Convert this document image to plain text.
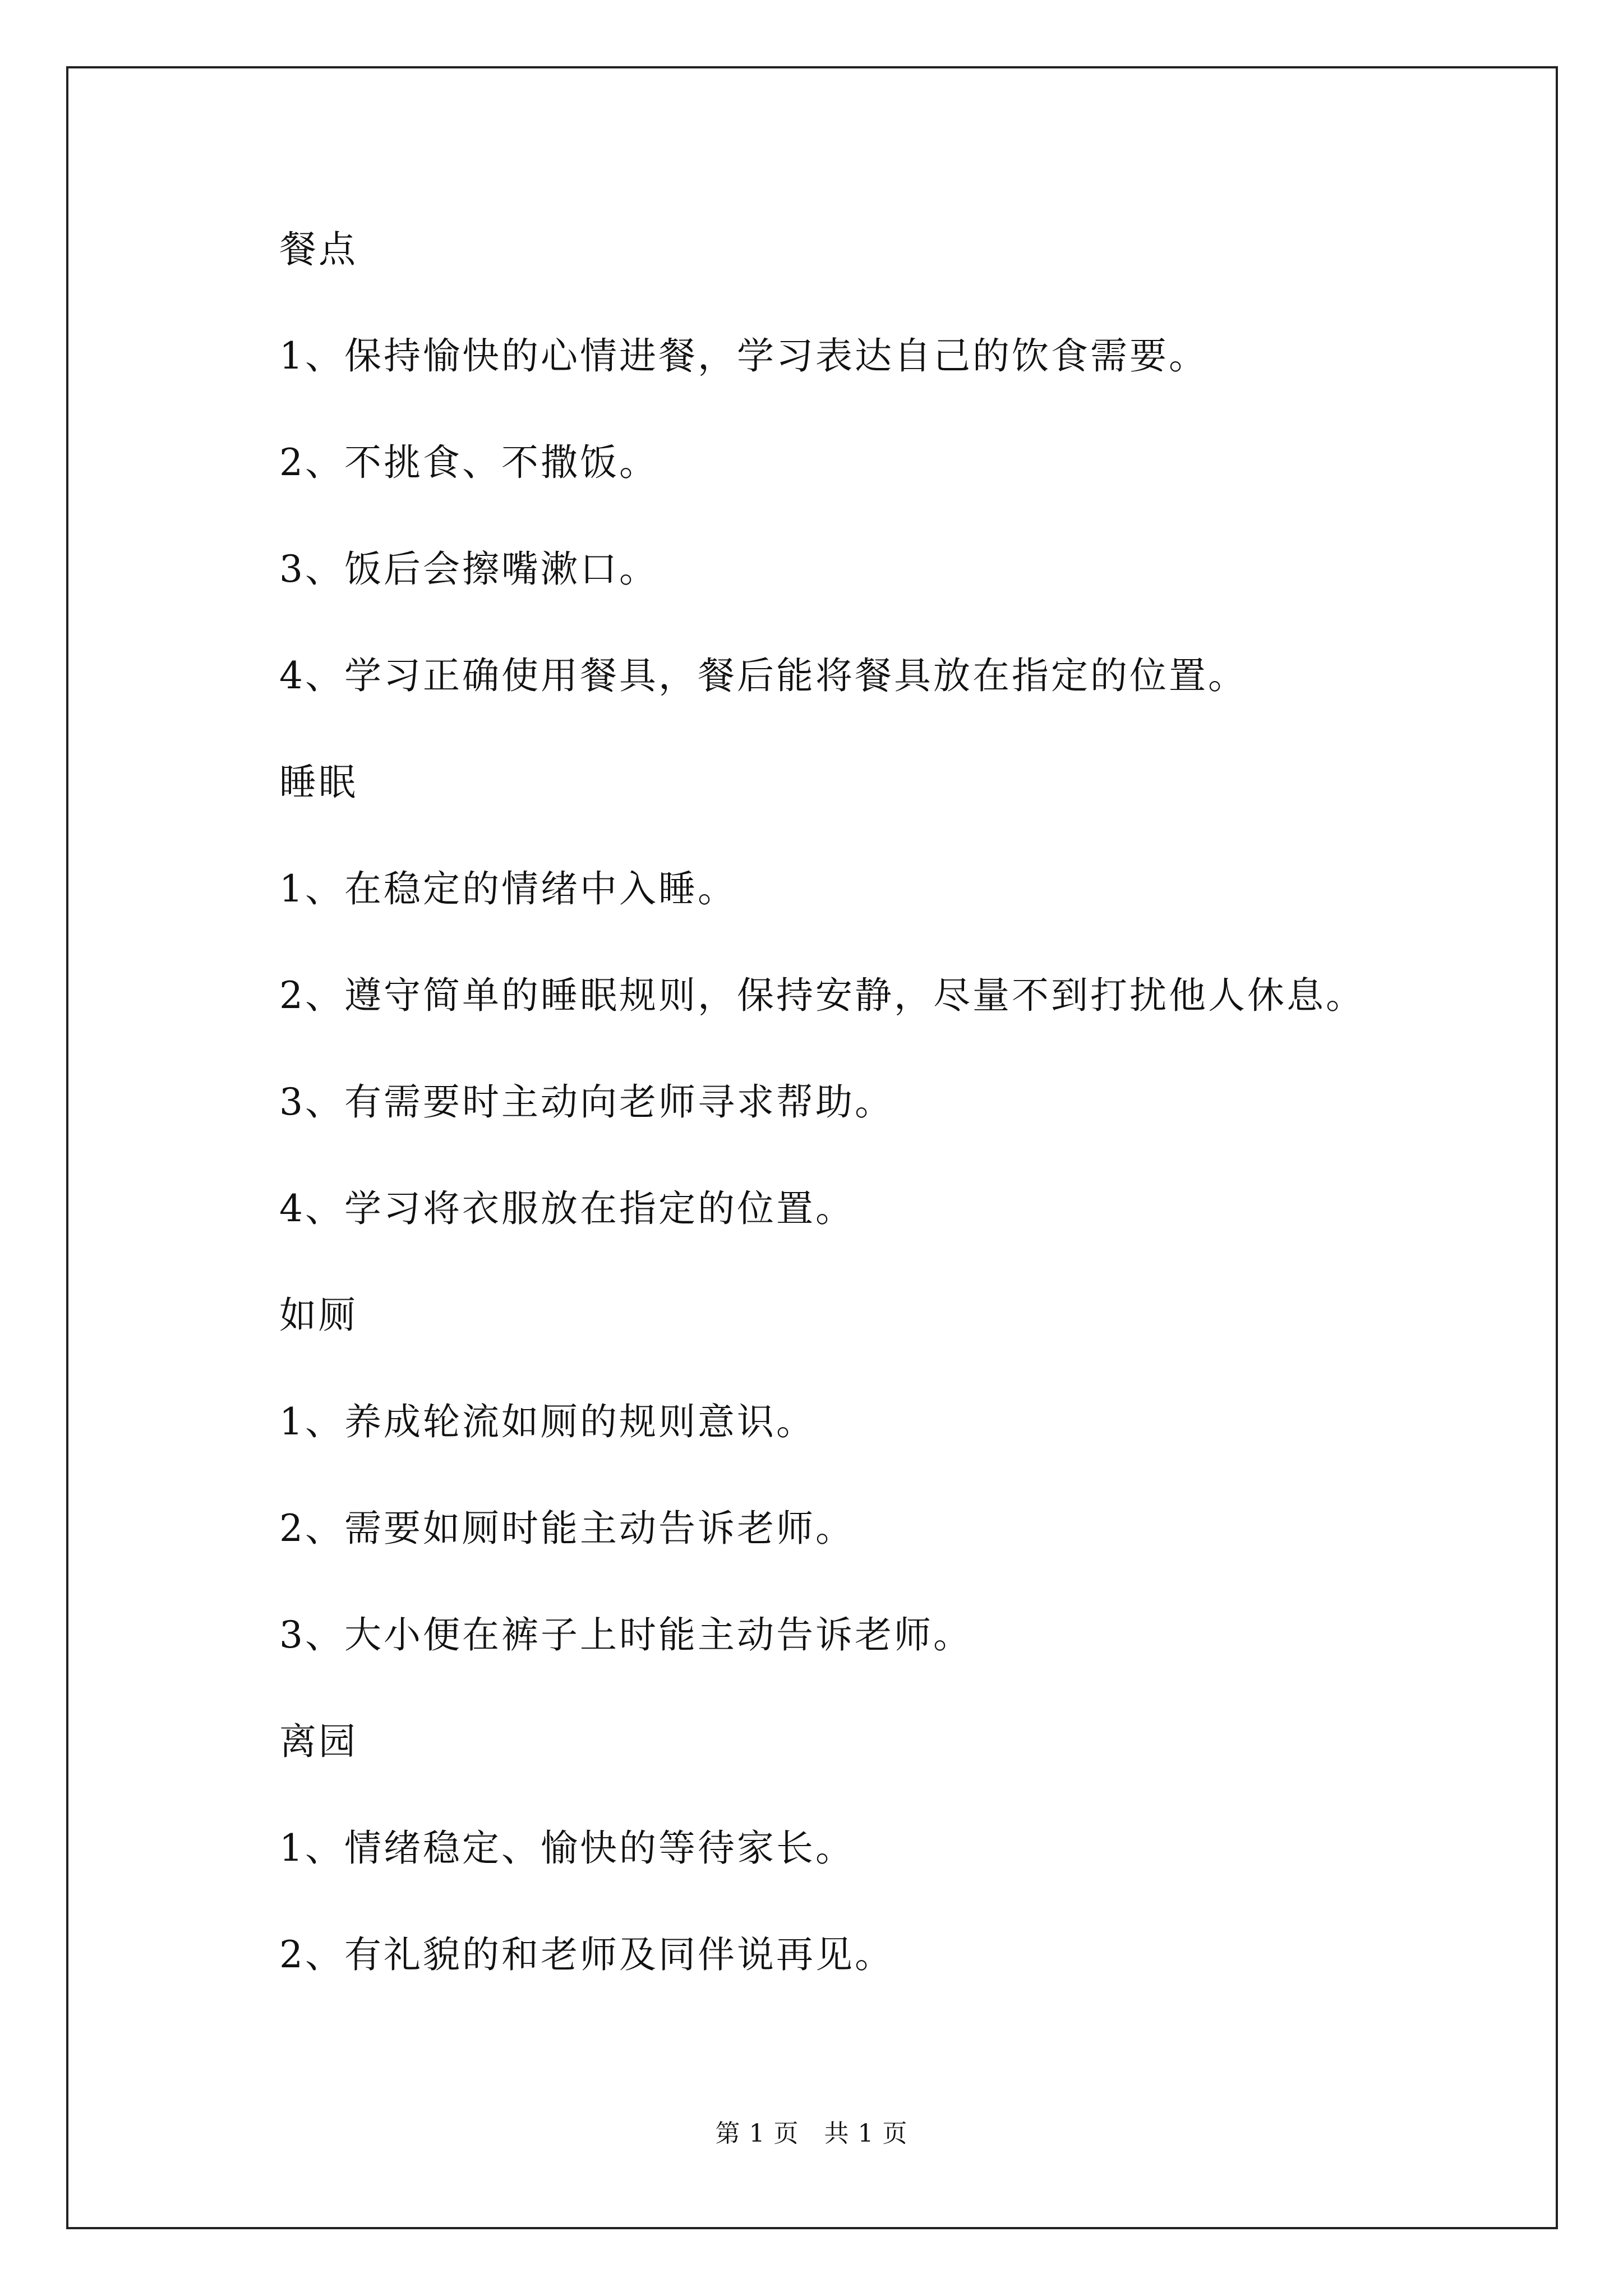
餐点
1、保持愉快的心情进餐，学习表达自己的饮食需要。
2、不挑食、不撒饭。
3、饭后会擦嘴漱口。
4、学习正确使用餐具，餐后能将餐具放在指定的位置。
睡眠
1、在稳定的情绪中入睡。
2、遵守简单的睡眠规则，保持安静，尽量不到打扰他人休息。
3、有需要时主动向老师寻求帮助。
4、学习将衣服放在指定的位置。
如厕
1、养成轮流如厕的规则意识。
2、需要如厕时能主动告诉老师。
3、大小便在裤子上时能主动告诉老师。
离园
1、情绪稳定、愉快的等待家长。
2、有礼貌的和老师及同伴说再见。
第 1 页　共 1 页
